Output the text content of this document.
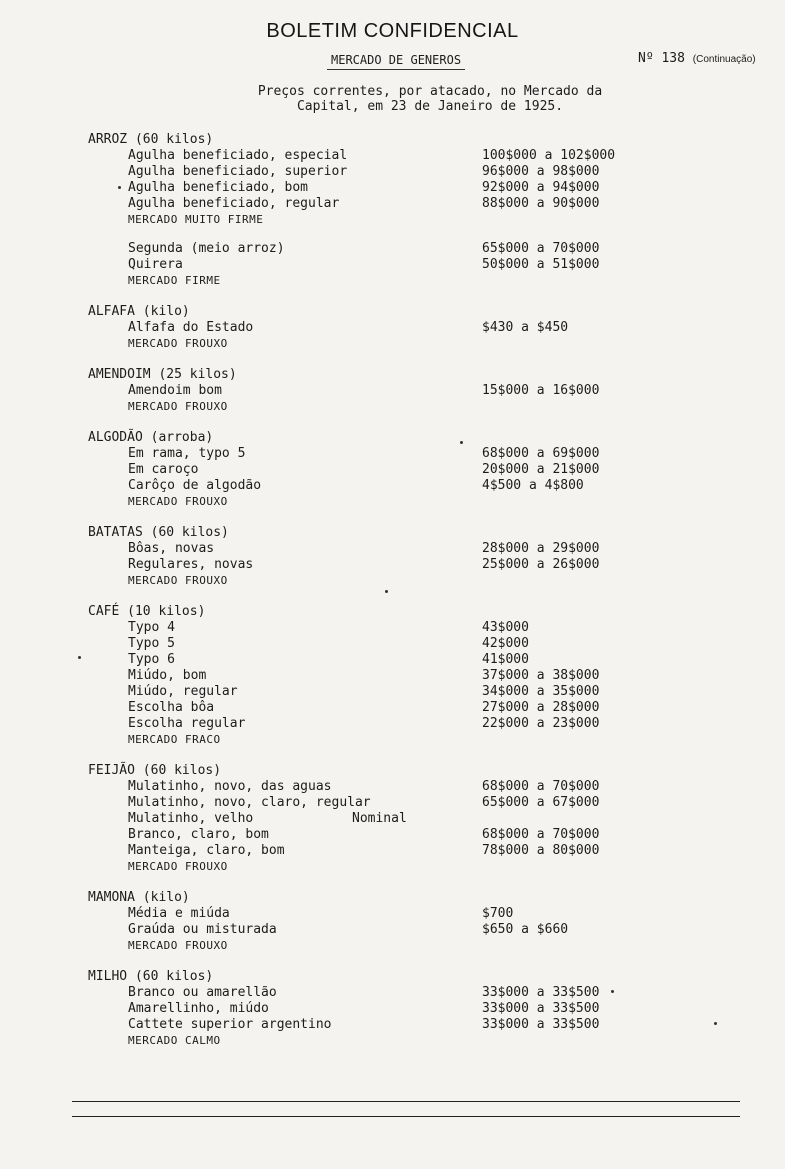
BOLETIM CONFIDENCIAL
MERCADO DE GENEROS	Nº 138 (Continuação)
Preços correntes, por atacado, no Mercado da
Capital, em 23 de Janeiro de 1925.
ARROZ (60 kilos)
Agulha beneficiado, especial	100$000 a 102$000
Agulha beneficiado, superior	96$000 a 98$000
Agulha beneficiado, bom	92$000 a 94$000
Agulha beneficiado, regular	88$000 a 90$000
MERCADO MUITO FIRME
Segunda (meio arroz)	65$000 a 70$000
Quirera	50$000 a 51$000
MERCADO FIRME
ALFAFA (kilo)
Alfafa do Estado	$430 a $450
MERCADO FROUXO
AMENDOIM (25 kilos)
Amendoim bom	15$000 a 16$000
MERCADO FROUXO
ALGODÃO (arroba)
Em rama, typo 5	68$000 a 69$000
Em caroço	20$000 a 21$000
Carôço de algodão	4$500 a 4$800
MERCADO FROUXO
BATATAS (60 kilos)
Bôas, novas	28$000 a 29$000
Regulares, novas	25$000 a 26$000
MERCADO FROUXO
CAFÉ (10 kilos)
Typo 4	43$000
Typo 5	42$000
Typo 6	41$000
Miúdo, bom	37$000 a 38$000
Miúdo, regular	34$000 a 35$000
Escolha bôa	27$000 a 28$000
Escolha regular	22$000 a 23$000
MERCADO FRACO
FEIJÃO (60 kilos)
Mulatinho, novo, das aguas	68$000 a 70$000
Mulatinho, novo, claro, regular	65$000 a 67$000
Mulatinho, velho	Nominal
Branco, claro, bom	68$000 a 70$000
Manteiga, claro, bom	78$000 a 80$000
MERCADO FROUXO
MAMONA (kilo)
Média e miúda	$700
Graúda ou misturada	$650 a $660
MERCADO FROUXO
MILHO (60 kilos)
Branco ou amarellão	33$000 a 33$500
Amarellinho, miúdo	33$000 a 33$500
Cattete superior argentino	33$000 a 33$500
MERCADO CALMO
